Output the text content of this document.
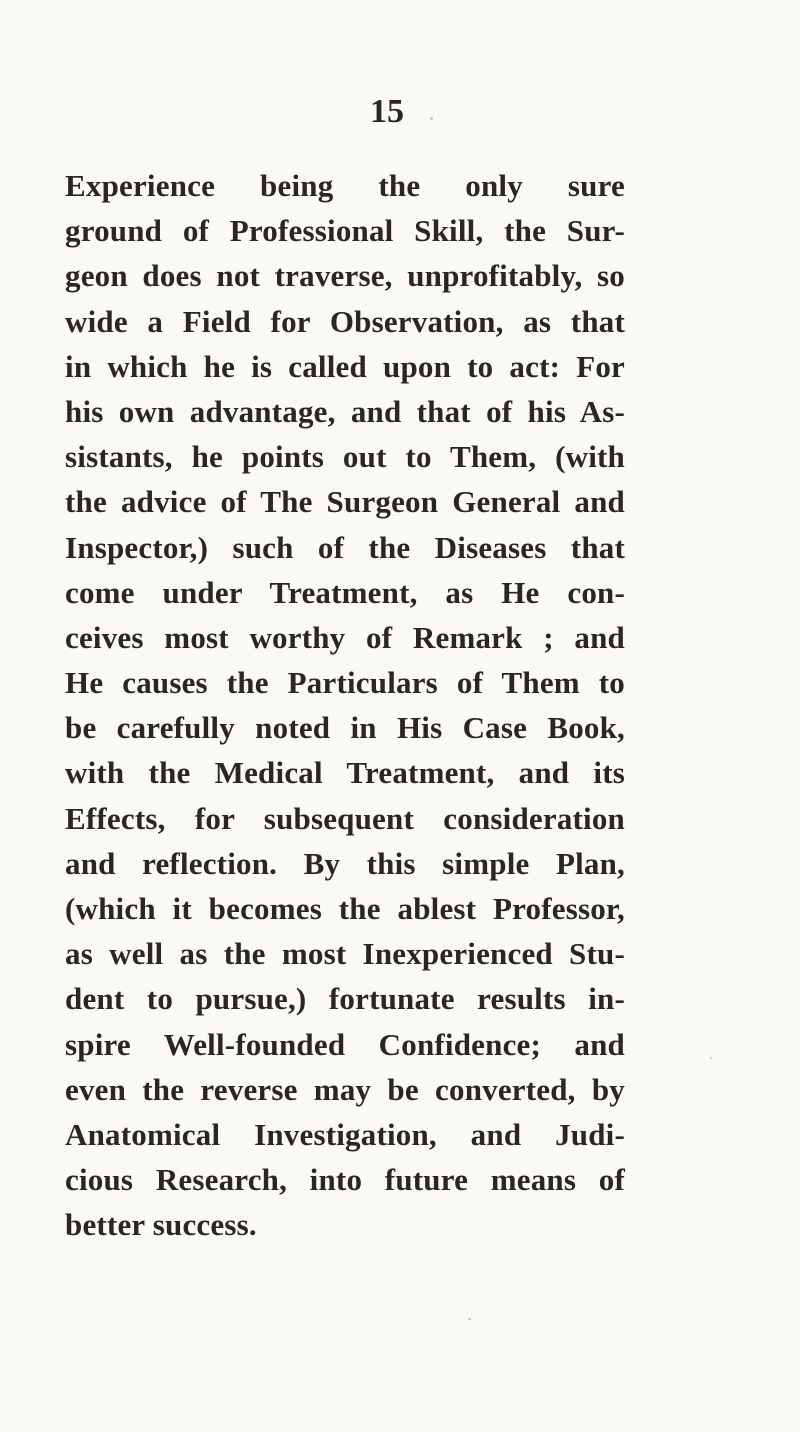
15
Experience being the only sure
ground of Professional Skill, the Sur-
geon does not traverse, unprofitably, so
wide a Field for Observation, as that
in which he is called upon to act: For
his own advantage, and that of his As-
sistants, he points out to Them, (with
the advice of The Surgeon General and
Inspector,) such of the Diseases that
come under Treatment, as He con-
ceives most worthy of Remark ; and
He causes the Particulars of Them to
be carefully noted in His Case Book,
with the Medical Treatment, and its
Effects, for subsequent consideration
and reflection. By this simple Plan,
(which it becomes the ablest Professor,
as well as the most Inexperienced Stu-
dent to pursue,) fortunate results in-
spire Well-founded Confidence; and
even the reverse may be converted, by
Anatomical Investigation, and Judi-
cious Research, into future means of
better success.
